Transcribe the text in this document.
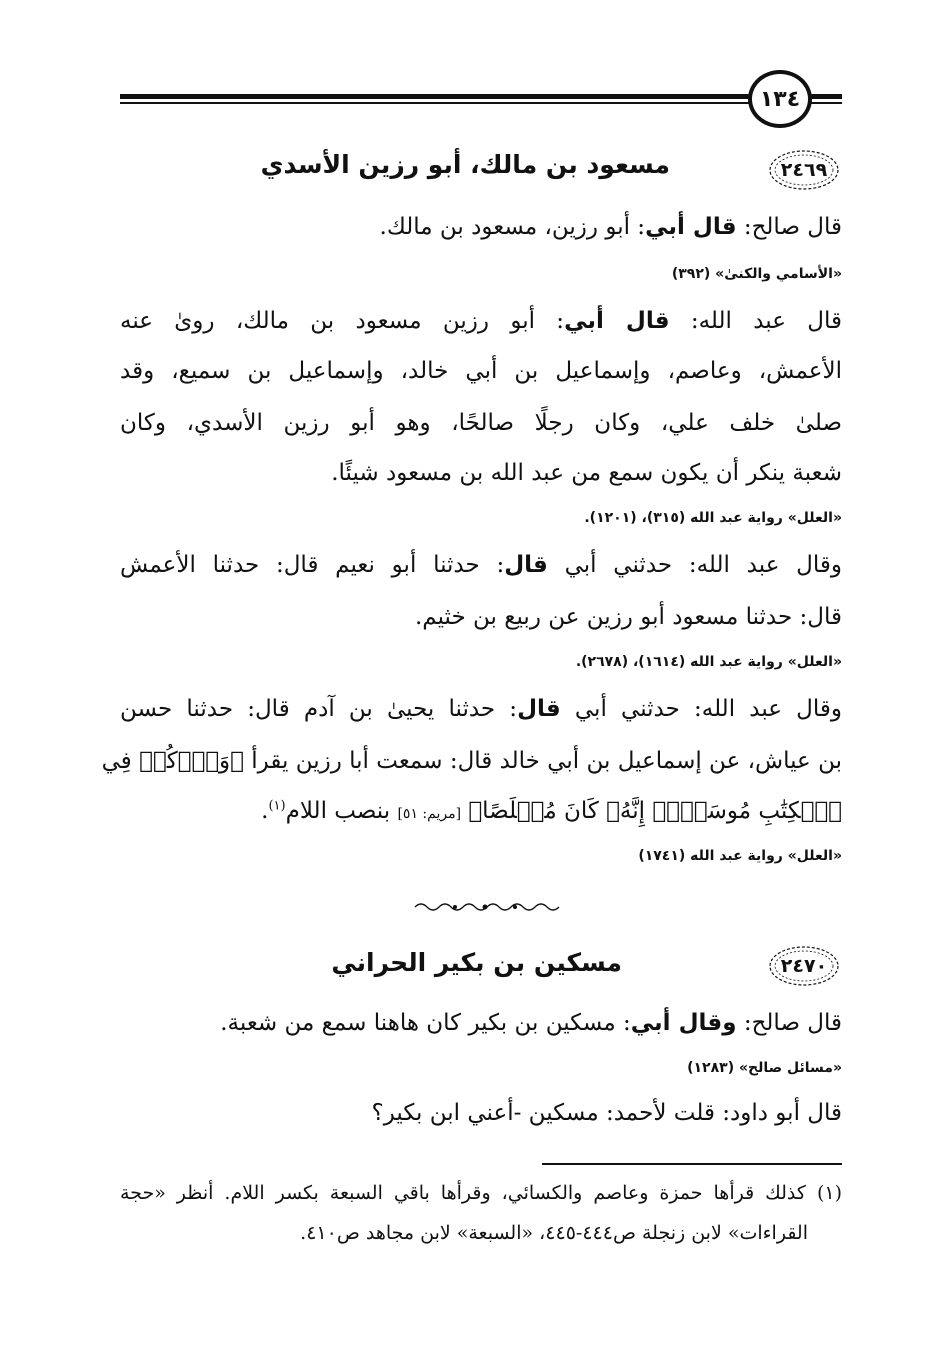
١٣٤
٢٤٦٩
مسعود بن مالك، أبو رزين الأسدي
قال صالح: قال أبي: أبو رزين، مسعود بن مالك.
«الأسامي والكنىٰ» (٣٩٢)
قال عبد الله: قال أبي: أبو رزين مسعود بن مالك، رویٰ عنه
الأعمش، وعاصم، وإسماعيل بن أبي خالد، وإسماعيل بن سميع، وقد
صلیٰ خلف علي، وكان رجلًا صالحًا، وهو أبو رزين الأسدي، وكان
شعبة ينكر أن يكون سمع من عبد الله بن مسعود شيئًا.
«العلل» رواية عبد الله (٣١٥)، (١٢٠١).
وقال عبد الله: حدثني أبي قال: حدثنا أبو نعيم قال: حدثنا الأعمش
قال: حدثنا مسعود أبو رزين عن ربيع بن خثيم.
«العلل» رواية عبد الله (١٦١٤)، (٢٦٧٨).
وقال عبد الله: حدثني أبي قال: حدثنا يحيىٰ بن آدم قال: حدثنا حسن
بن عياش، عن إسماعيل بن أبي خالد قال: سمعت أبا رزين يقرأ ﴿وَٱذۡكُرۡ فِي
ٱلۡكِتَٰبِ مُوسَىٰٓۚ إِنَّهُۥ كَانَ مُخۡلَصًا﴾ [مريم: ٥١] بنصب اللام$^{(١)}$.
«العلل» رواية عبد الله (١٧٤١)
٢٤٧٠
مسكين بن بكير الحراني
قال صالح: وقال أبي: مسكين بن بكير كان هاهنا سمع من شعبة.
«مسائل صالح» (١٢٨٣)
قال أبو داود: قلت لأحمد: مسكين -أعني ابن بكير؟
(١) كذلك قرأها حمزة وعاصم والكسائي، وقرأها باقي السبعة بكسر اللام. أنظر «حجة
القراءات» لابن زنجلة ص٤٤٤-٤٤٥، «السبعة» لابن مجاهد ص٤١٠.
